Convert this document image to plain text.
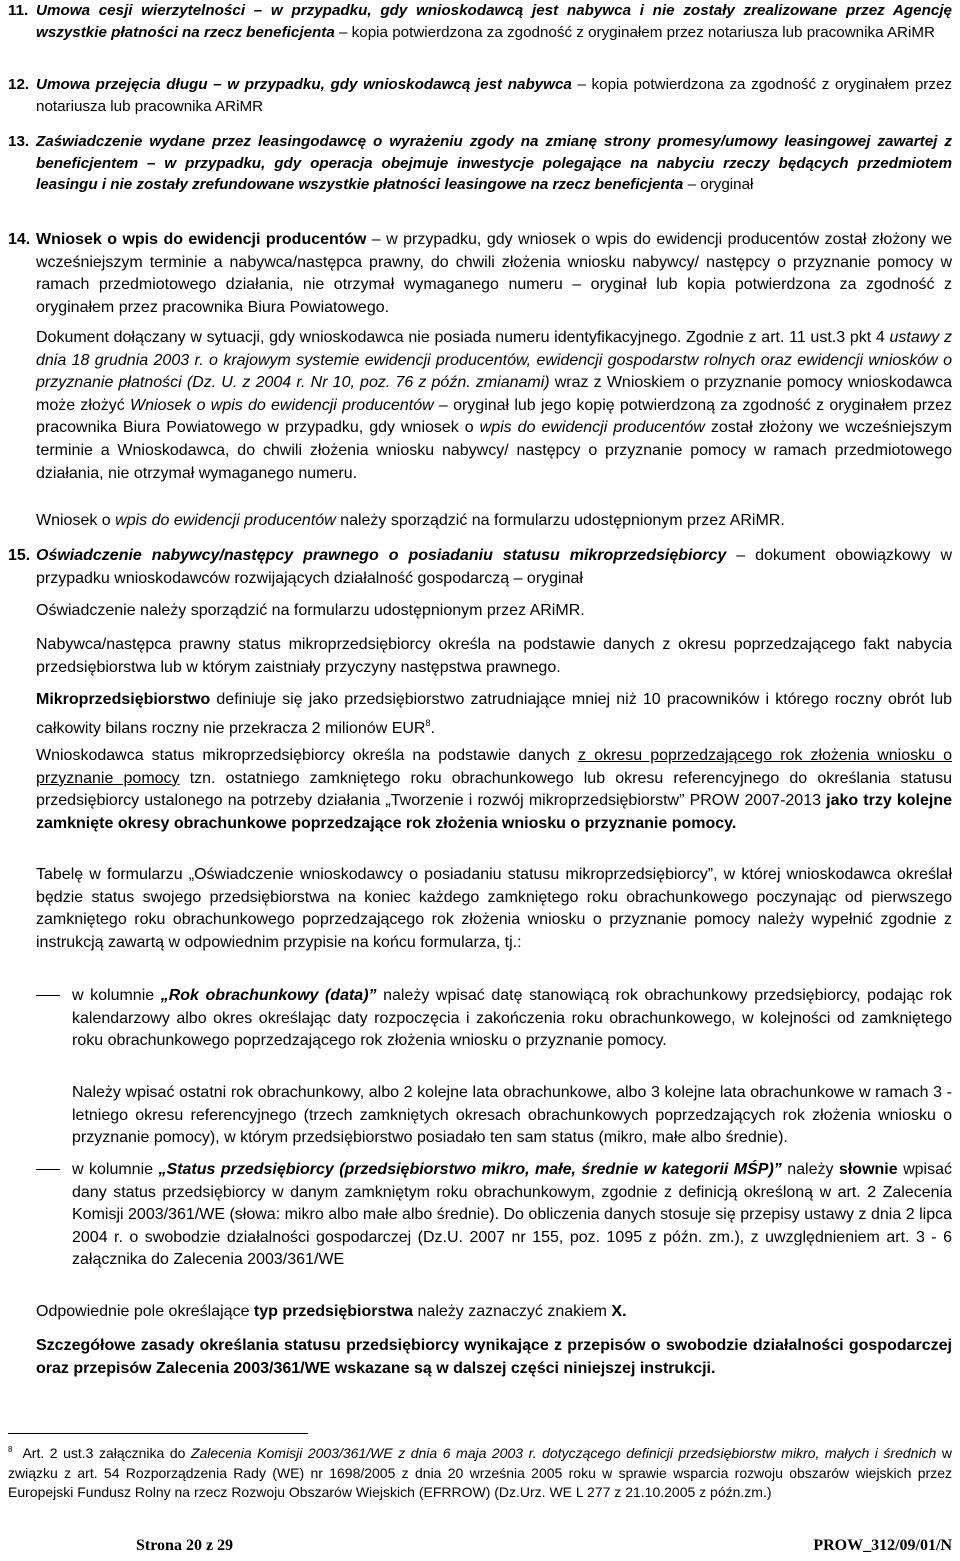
11. Umowa cesji wierzytelności – w przypadku, gdy wnioskodawcą jest nabywca i nie zostały zrealizowane przez Agencję wszystkie płatności na rzecz beneficjenta – kopia potwierdzona za zgodność z oryginałem przez notariusza lub pracownika ARiMR
12. Umowa przejęcia długu – w przypadku, gdy wnioskodawcą jest nabywca – kopia potwierdzona za zgodność z oryginałem przez notariusza lub pracownika ARiMR
13. Zaświadczenie wydane przez leasingodawcę o wyrażeniu zgody na zmianę strony promesy/umowy leasingowej zawartej z beneficjentem – w przypadku, gdy operacja obejmuje inwestycje polegające na nabyciu rzeczy będących przedmiotem leasingu i nie zostały zrefundowane wszystkie płatności leasingowe na rzecz beneficjenta – oryginał
14. Wniosek o wpis do ewidencji producentów – w przypadku, gdy wniosek o wpis do ewidencji producentów został złożony we wcześniejszym terminie a nabywca/następca prawny, do chwili złożenia wniosku nabywcy/ następcy o przyznanie pomocy w ramach przedmiotowego działania, nie otrzymał wymaganego numeru – oryginał lub kopia potwierdzona za zgodność z oryginałem przez pracownika Biura Powiatowego.
Dokument dołączany w sytuacji, gdy wnioskodawca nie posiada numeru identyfikacyjnego. Zgodnie z art. 11 ust.3 pkt 4 ustawy z dnia 18 grudnia 2003 r. o krajowym systemie ewidencji producentów, ewidencji gospodarstw rolnych oraz ewidencji wniosków o przyznanie płatności (Dz. U. z 2004 r. Nr 10, poz. 76 z późn. zmianami) wraz z Wnioskiem o przyznanie pomocy wnioskodawca może złożyć Wniosek o wpis do ewidencji producentów – oryginał lub jego kopię potwierdzoną za zgodność z oryginałem przez pracownika Biura Powiatowego w przypadku, gdy wniosek o wpis do ewidencji producentów został złożony we wcześniejszym terminie a Wnioskodawca, do chwili złożenia wniosku nabywcy/ następcy o przyznanie pomocy w ramach przedmiotowego działania, nie otrzymał wymaganego numeru.
Wniosek o wpis do ewidencji producentów należy sporządzić na formularzu udostępnionym przez ARiMR.
15. Oświadczenie nabywcy/następcy prawnego o posiadaniu statusu mikroprzedsiębiorcy – dokument obowiązkowy w przypadku wnioskodawców rozwijających działalność gospodarczą – oryginał
Oświadczenie należy sporządzić na formularzu udostępnionym przez ARiMR.
Nabywca/następca prawny status mikroprzedsiębiorcy określa na podstawie danych z okresu poprzedzającego fakt nabycia przedsiębiorstwa lub w którym zaistniały przyczyny następstwa prawnego.
Mikroprzedsiębiorstwo definiuje się jako przedsiębiorstwo zatrudniające mniej niż 10 pracowników i którego roczny obrót lub całkowity bilans roczny nie przekracza 2 milionów EUR$^8$.
Wnioskodawca status mikroprzedsiębiorcy określa na podstawie danych z okresu poprzedzającego rok złożenia wniosku o przyznanie pomocy tzn. ostatniego zamkniętego roku obrachunkowego lub okresu referencyjnego do określania statusu przedsiębiorcy ustalonego na potrzeby działania „Tworzenie i rozwój mikroprzedsiębiorstw” PROW 2007-2013 jako trzy kolejne zamknięte okresy obrachunkowe poprzedzające rok złożenia wniosku o przyznanie pomocy.
Tabelę w formularzu „Oświadczenie wnioskodawcy o posiadaniu statusu mikroprzedsiębiorcy”, w której wnioskodawca określał będzie status swojego przedsiębiorstwa na koniec każdego zamkniętego roku obrachunkowego poczynając od pierwszego zamkniętego roku obrachunkowego poprzedzającego rok złożenia wniosku o przyznanie pomocy należy wypełnić zgodnie z instrukcją zawartą w odpowiednim przypisie na końcu formularza, tj.:
w kolumnie „Rok obrachunkowy (data)” należy wpisać datę stanowiącą rok obrachunkowy przedsiębiorcy, podając rok kalendarzowy albo okres określając daty rozpoczęcia i zakończenia roku obrachunkowego, w kolejności od zamkniętego roku obrachunkowego poprzedzającego rok złożenia wniosku o przyznanie pomocy.
Należy wpisać ostatni rok obrachunkowy, albo 2 kolejne lata obrachunkowe, albo 3 kolejne lata obrachunkowe w ramach 3 - letniego okresu referencyjnego (trzech zamkniętych okresach obrachunkowych poprzedzających rok złożenia wniosku o przyznanie pomocy), w którym przedsiębiorstwo posiadało ten sam status (mikro, małe albo średnie).
w kolumnie „Status przedsiębiorcy (przedsiębiorstwo mikro, małe, średnie w kategorii MŚP)” należy słownie wpisać dany status przedsiębiorcy w danym zamkniętym roku obrachunkowym, zgodnie z definicją określoną w art. 2 Zalecenia Komisji 2003/361/WE (słowa: mikro albo małe albo średnie). Do obliczenia danych stosuje się przepisy ustawy z dnia 2 lipca 2004 r. o swobodzie działalności gospodarczej (Dz.U. 2007 nr 155, poz. 1095 z późn. zm.), z uwzględnieniem art. 3 - 6 załącznika do Zalecenia 2003/361/WE
Odpowiednie pole określające typ przedsiębiorstwa należy zaznaczyć znakiem X.
Szczegółowe zasady określania statusu przedsiębiorcy wynikające z przepisów o swobodzie działalności gospodarczej oraz przepisów Zalecenia 2003/361/WE wskazane są w dalszej części niniejszej instrukcji.
$^8$ Art. 2 ust.3 załącznika do Zalecenia Komisji 2003/361/WE z dnia 6 maja 2003 r. dotyczącego definicji przedsiębiorstw mikro, małych i średnich w związku z art. 54 Rozporządzenia Rady (WE) nr 1698/2005 z dnia 20 września 2005 roku w sprawie wsparcia rozwoju obszarów wiejskich przez Europejski Fundusz Rolny na rzecz Rozwoju Obszarów Wiejskich (EFRROW) (Dz.Urz. WE L 277 z 21.10.2005 z późn.zm.)
Strona 20 z 29	PROW_312/09/01/N
